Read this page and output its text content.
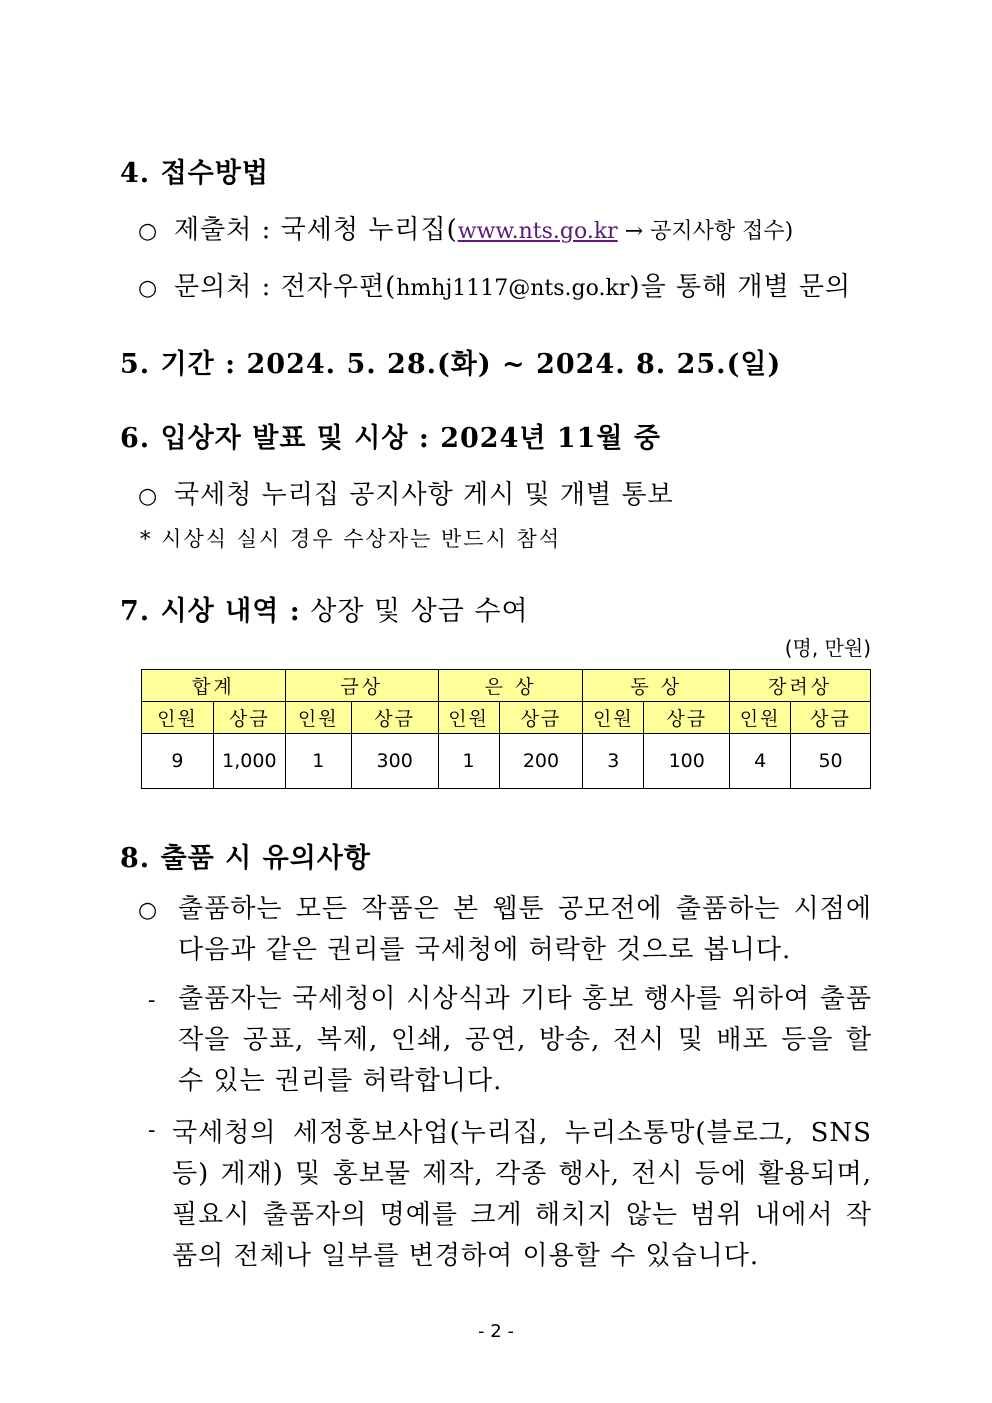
4. 접수방법
○ 제출처 : 국세청 누리집(www.nts.go.kr → 공지사항 접수)
○ 문의처 : 전자우편(hmhj1117@nts.go.kr)을 통해 개별 문의
5. 기간 : 2024. 5. 28.(화) ~ 2024. 8. 25.(일)
6. 입상자 발표 및 시상 : 2024년 11월 중
○ 국세청 누리집 공지사항 게시 및 개별 통보
* 시상식 실시 경우 수상자는 반드시 참석
7. 시상 내역 : 상장 및 상금 수여
(명, 만원)
합계		금상		은 상		동 상		장려상	
인원	상금	인원	상금	인원	상금	인원	상금	인원	상금
9	1,000	1	300	1	200	3	100	4	50
8. 출품 시 유의사항
○ 출품하는 모든 작품은 본 웹툰 공모전에 출품하는 시점에 다음과 같은 권리를 국세청에 허락한 것으로 봅니다.
- 출품자는 국세청이 시상식과 기타 홍보 행사를 위하여 출품작을 공표, 복제, 인쇄, 공연, 방송, 전시 및 배포 등을 할 수 있는 권리를 허락합니다.
- 국세청의 세정홍보사업(누리집, 누리소통망(블로그, SNS 등) 게재) 및 홍보물 제작, 각종 행사, 전시 등에 활용되며, 필요시 출품자의 명예를 크게 해치지 않는 범위 내에서 작품의 전체나 일부를 변경하여 이용할 수 있습니다.
- 2 -
